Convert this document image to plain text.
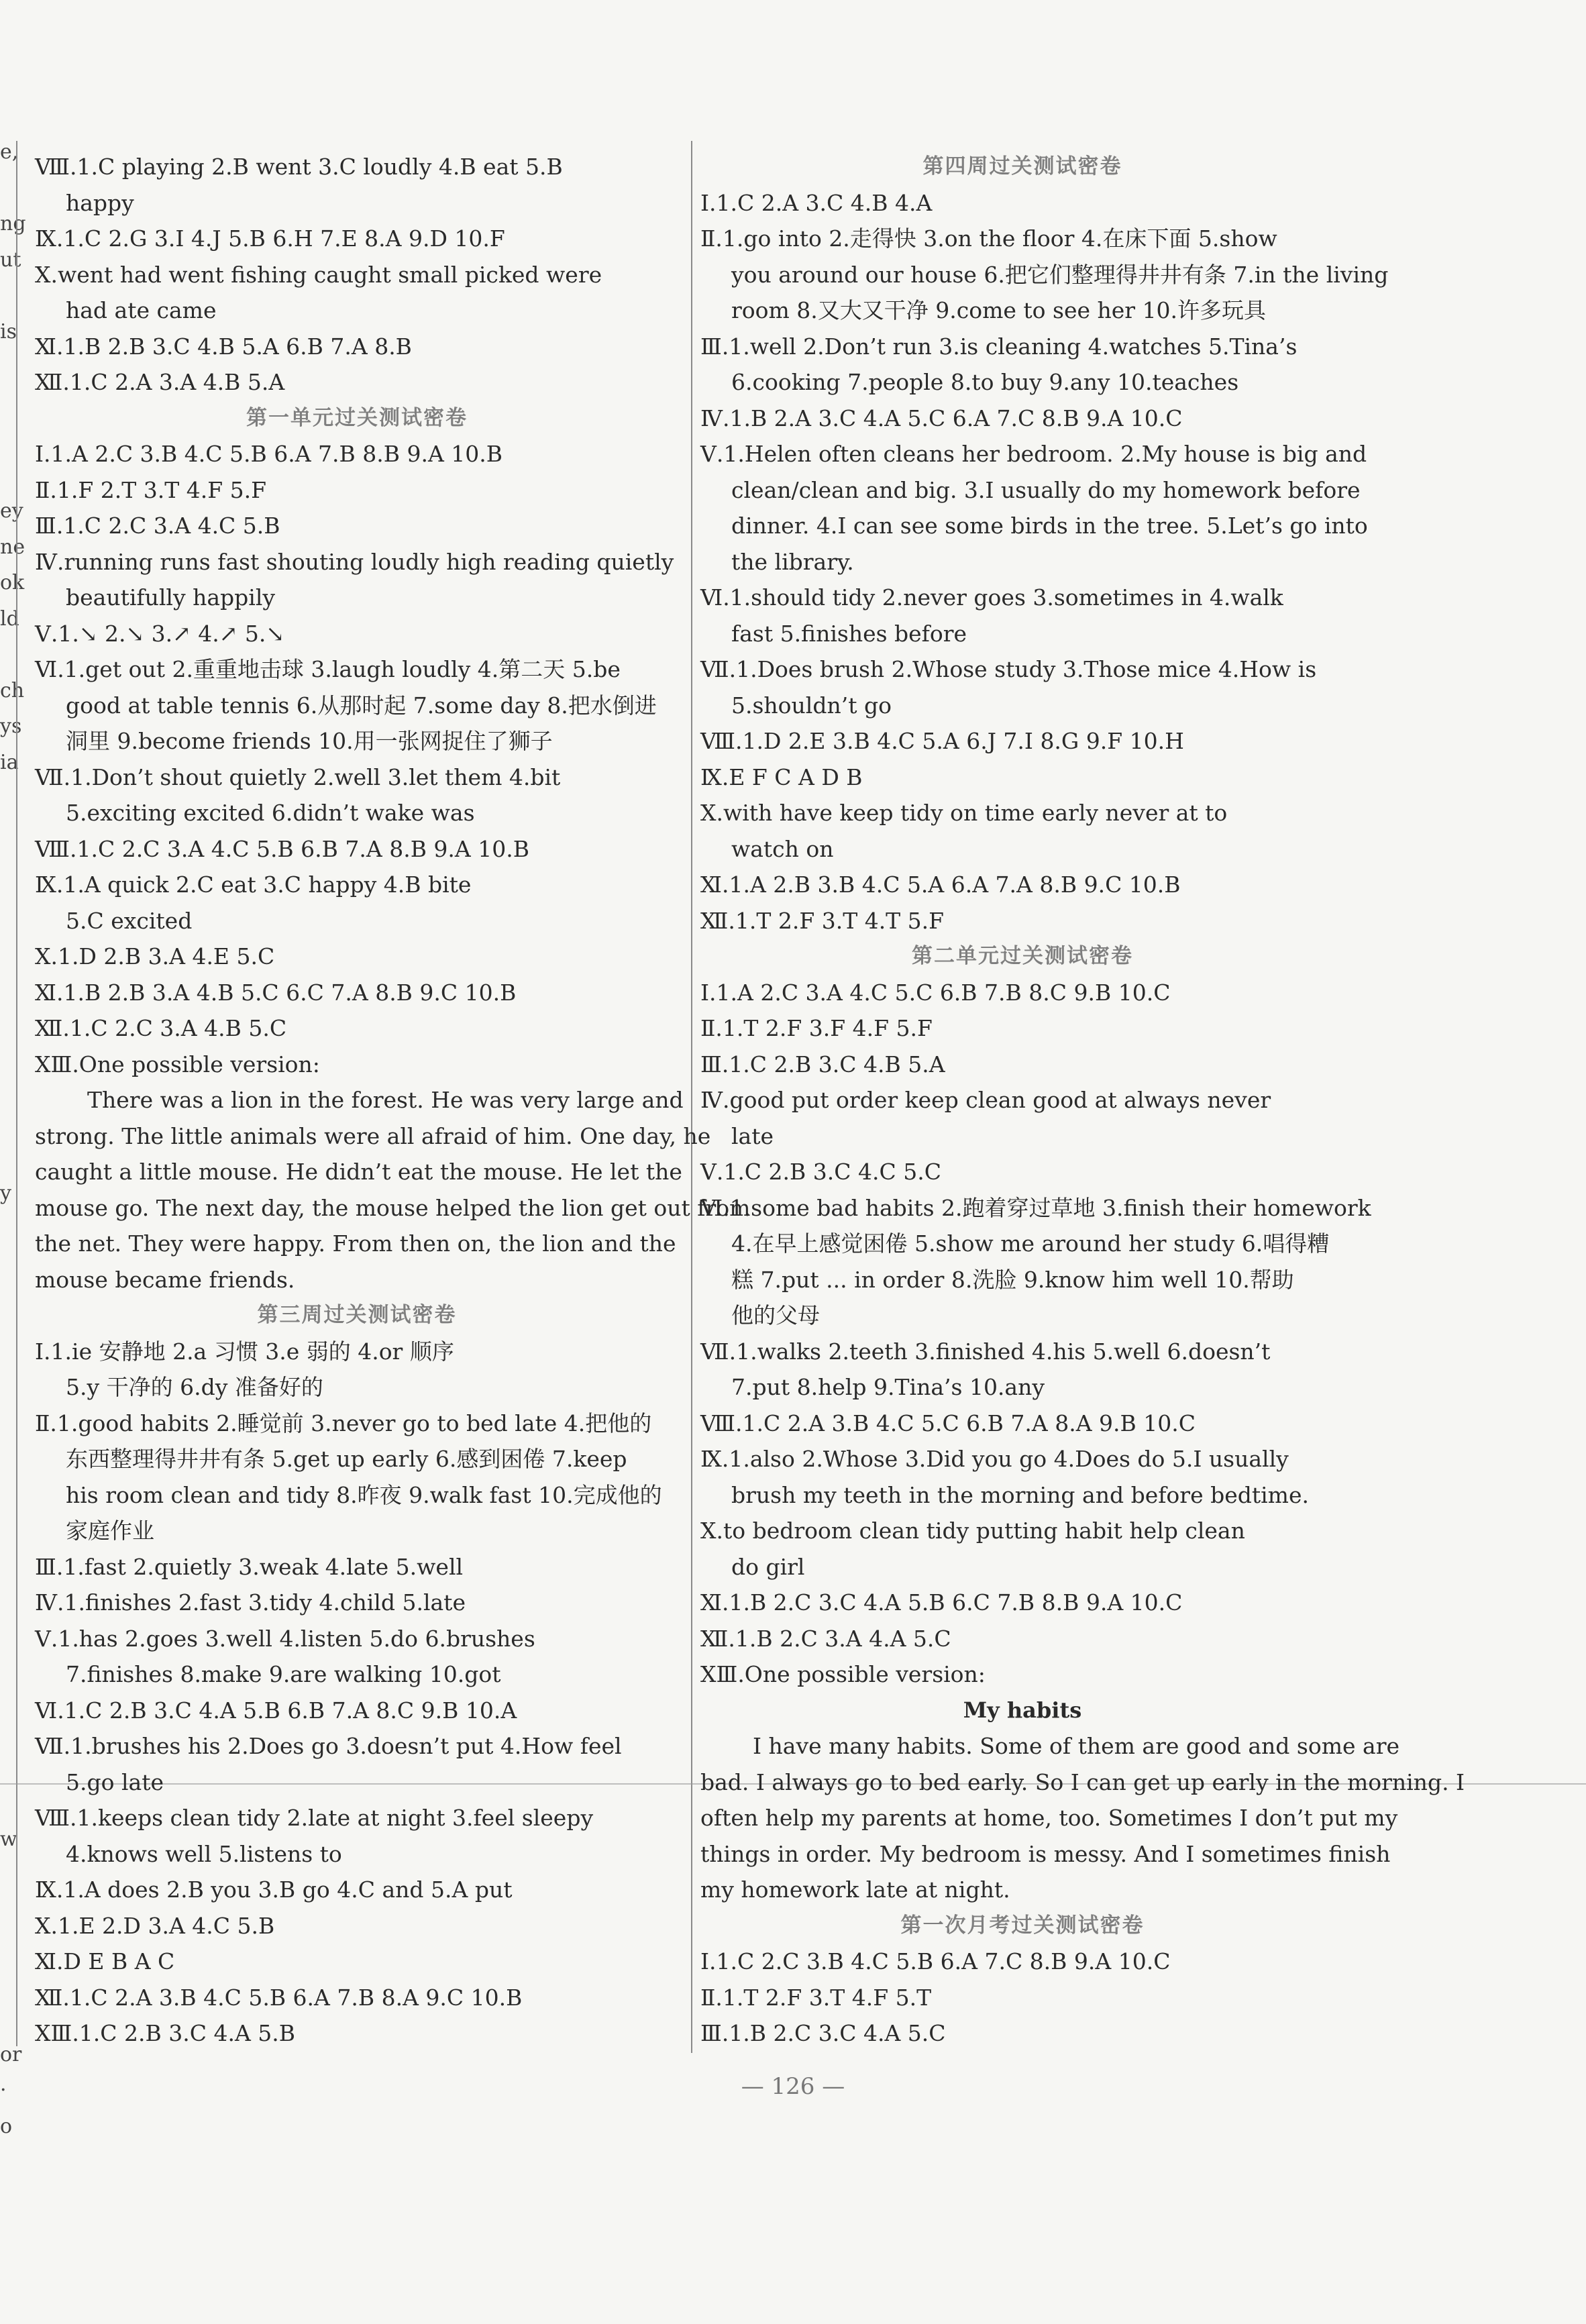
e,
ng
ut
is
ey
ne
ok
ld
ch
ys
ia
y
w
or
·
o
Ⅷ.1.C playing 2.B went 3.C loudly 4.B eat 5.B
happy
Ⅸ.1.C 2.G 3.I 4.J 5.B 6.H 7.E 8.A 9.D 10.F
Ⅹ.went had went fishing caught small picked were
had ate came
Ⅺ.1.B 2.B 3.C 4.B 5.A 6.B 7.A 8.B
Ⅻ.1.C 2.A 3.A 4.B 5.A
第一单元过关测试密卷
Ⅰ.1.A 2.C 3.B 4.C 5.B 6.A 7.B 8.B 9.A 10.B
Ⅱ.1.F 2.T 3.T 4.F 5.F
Ⅲ.1.C 2.C 3.A 4.C 5.B
Ⅳ.running runs fast shouting loudly high reading quietly
beautifully happily
Ⅴ.1.↘ 2.↘ 3.↗ 4.↗ 5.↘
Ⅵ.1.get out 2.重重地击球 3.laugh loudly 4.第二天 5.be
good at table tennis 6.从那时起 7.some day 8.把水倒进
洞里 9.become friends 10.用一张网捉住了狮子
Ⅶ.1.Don’t shout quietly 2.well 3.let them 4.bit
5.exciting excited 6.didn’t wake was
Ⅷ.1.C 2.C 3.A 4.C 5.B 6.B 7.A 8.B 9.A 10.B
Ⅸ.1.A quick 2.C eat 3.C happy 4.B bite
5.C excited
Ⅹ.1.D 2.B 3.A 4.E 5.C
Ⅺ.1.B 2.B 3.A 4.B 5.C 6.C 7.A 8.B 9.C 10.B
Ⅻ.1.C 2.C 3.A 4.B 5.C
ⅩⅢ.One possible version:
There was a lion in the forest. He was very large and
strong. The little animals were all afraid of him. One day, he
caught a little mouse. He didn’t eat the mouse. He let the
mouse go. The next day, the mouse helped the lion get out from
the net. They were happy. From then on, the lion and the
mouse became friends.
第三周过关测试密卷
Ⅰ.1.ie 安静地 2.a 习惯 3.e 弱的 4.or 顺序
5.y 干净的 6.dy 准备好的
Ⅱ.1.good habits 2.睡觉前 3.never go to bed late 4.把他的
东西整理得井井有条 5.get up early 6.感到困倦 7.keep
his room clean and tidy 8.昨夜 9.walk fast 10.完成他的
家庭作业
Ⅲ.1.fast 2.quietly 3.weak 4.late 5.well
Ⅳ.1.finishes 2.fast 3.tidy 4.child 5.late
Ⅴ.1.has 2.goes 3.well 4.listen 5.do 6.brushes
7.finishes 8.make 9.are walking 10.got
Ⅵ.1.C 2.B 3.C 4.A 5.B 6.B 7.A 8.C 9.B 10.A
Ⅶ.1.brushes his 2.Does go 3.doesn’t put 4.How feel
5.go late
Ⅷ.1.keeps clean tidy 2.late at night 3.feel sleepy
4.knows well 5.listens to
Ⅸ.1.A does 2.B you 3.B go 4.C and 5.A put
Ⅹ.1.E 2.D 3.A 4.C 5.B
Ⅺ.D E B A C
Ⅻ.1.C 2.A 3.B 4.C 5.B 6.A 7.B 8.A 9.C 10.B
ⅩⅢ.1.C 2.B 3.C 4.A 5.B
第四周过关测试密卷
Ⅰ.1.C 2.A 3.C 4.B 4.A
Ⅱ.1.go into 2.走得快 3.on the floor 4.在床下面 5.show
you around our house 6.把它们整理得井井有条 7.in the living
room 8.又大又干净 9.come to see her 10.许多玩具
Ⅲ.1.well 2.Don’t run 3.is cleaning 4.watches 5.Tina’s
6.cooking 7.people 8.to buy 9.any 10.teaches
Ⅳ.1.B 2.A 3.C 4.A 5.C 6.A 7.C 8.B 9.A 10.C
Ⅴ.1.Helen often cleans her bedroom. 2.My house is big and
clean/clean and big. 3.I usually do my homework before
dinner. 4.I can see some birds in the tree. 5.Let’s go into
the library.
Ⅵ.1.should tidy 2.never goes 3.sometimes in 4.walk
fast 5.finishes before
Ⅶ.1.Does brush 2.Whose study 3.Those mice 4.How is
5.shouldn’t go
Ⅷ.1.D 2.E 3.B 4.C 5.A 6.J 7.I 8.G 9.F 10.H
Ⅸ.E F C A D B
Ⅹ.with have keep tidy on time early never at to
watch on
Ⅺ.1.A 2.B 3.B 4.C 5.A 6.A 7.A 8.B 9.C 10.B
Ⅻ.1.T 2.F 3.T 4.T 5.F
第二单元过关测试密卷
Ⅰ.1.A 2.C 3.A 4.C 5.C 6.B 7.B 8.C 9.B 10.C
Ⅱ.1.T 2.F 3.F 4.F 5.F
Ⅲ.1.C 2.B 3.C 4.B 5.A
Ⅳ.good put order keep clean good at always never
late
Ⅴ.1.C 2.B 3.C 4.C 5.C
Ⅵ.1.some bad habits 2.跑着穿过草地 3.finish their homework
4.在早上感觉困倦 5.show me around her study 6.唱得糟
糕 7.put ... in order 8.洗脸 9.know him well 10.帮助
他的父母
Ⅶ.1.walks 2.teeth 3.finished 4.his 5.well 6.doesn’t
7.put 8.help 9.Tina’s 10.any
Ⅷ.1.C 2.A 3.B 4.C 5.C 6.B 7.A 8.A 9.B 10.C
Ⅸ.1.also 2.Whose 3.Did you go 4.Does do 5.I usually
brush my teeth in the morning and before bedtime.
Ⅹ.to bedroom clean tidy putting habit help clean
do girl
Ⅺ.1.B 2.C 3.C 4.A 5.B 6.C 7.B 8.B 9.A 10.C
Ⅻ.1.B 2.C 3.A 4.A 5.C
ⅩⅢ.One possible version:
My habits
I have many habits. Some of them are good and some are
bad. I always go to bed early. So I can get up early in the morning. I
often help my parents at home, too. Sometimes I don’t put my
things in order. My bedroom is messy. And I sometimes finish
my homework late at night.
第一次月考过关测试密卷
Ⅰ.1.C 2.C 3.B 4.C 5.B 6.A 7.C 8.B 9.A 10.C
Ⅱ.1.T 2.F 3.T 4.F 5.T
Ⅲ.1.B 2.C 3.C 4.A 5.C
— 126 —
